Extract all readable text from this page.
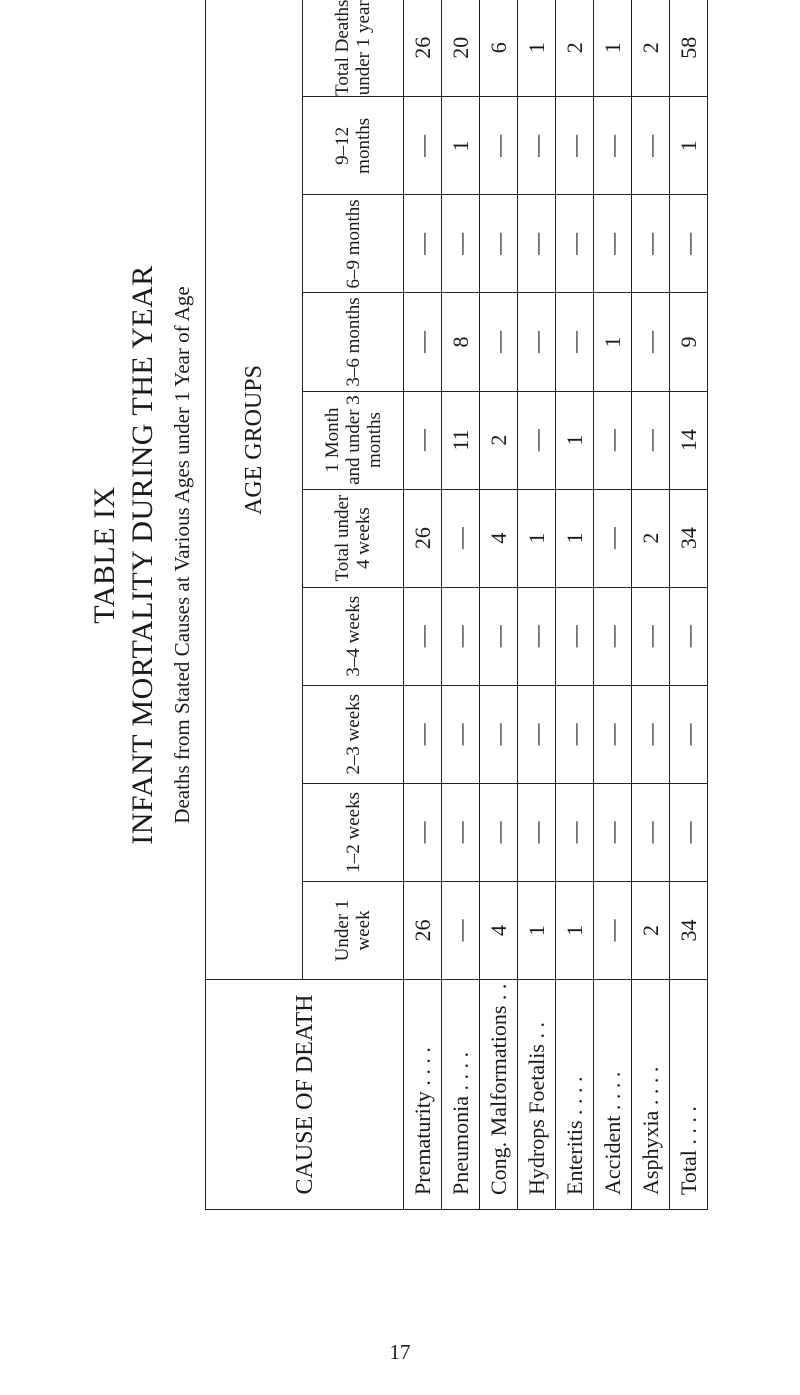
TABLE IX INFANT MORTALITY DURING THE YEAR Deaths from Stated Causes at Various Ages under 1 Year of Age
CAUSE OF DEATH	AGE GROUPS										
	Under 1 week	1–2 weeks	2–3 weeks	3–4 weeks	Total under 4 weeks	1 Month and under 3 months	3–6 months	6–9 months	9–12 months	Total Deaths under 1 year	
Prematurity . . . .	26	—	—	—	26	—	—	—	—	26	
Pneumonia . . . .	—	—	—	—	—	11	8	—	1	20	
Cong. Malformations . .	4	—	—	—	4	2	—	—	—	6	
Hydrops Foetalis . .	1	—	—	—	1	—	—	—	—	1	
Enteritis . . . .	1	—	—	—	1	1	—	—	—	2	
Accident . . . .	—	—	—	—	—	—	1	—	—	1	
Asphyxia . . . .	2	—	—	—	2	—	—	—	—	2	
Total . . . .	34	—	—	—	34	14	9	—	1	58	
17
